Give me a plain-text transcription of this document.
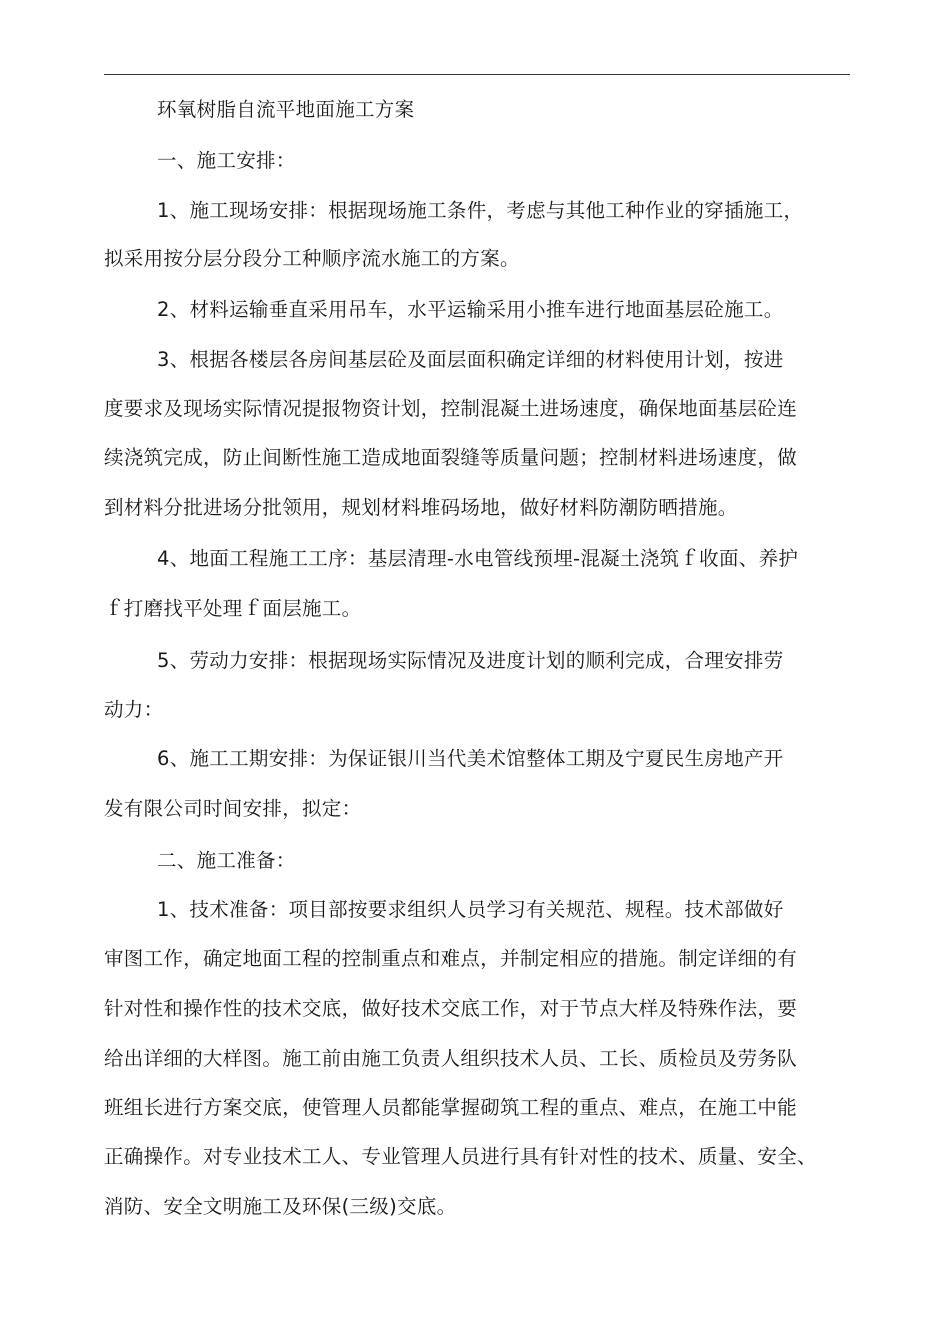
环氧树脂自流平地面施工方案
一、施工安排：
1、施工现场安排：根据现场施工条件，考虑与其他工种作业的穿插施工，
拟采用按分层分段分工种顺序流水施工的方案。
2、材料运输垂直采用吊车，水平运输采用小推车进行地面基层砼施工。
3、根据各楼层各房间基层砼及面层面积确定详细的材料使用计划，按进
度要求及现场实际情况提报物资计划，控制混凝土进场速度，确保地面基层砼连
续浇筑完成，防止间断性施工造成地面裂缝等质量问题；控制材料进场速度，做
到材料分批进场分批领用，规划材料堆码场地，做好材料防潮防晒措施。
4、地面工程施工工序：基层清理-水电管线预埋-混凝土浇筑ｆ收面、养护
ｆ打磨找平处理ｆ面层施工。
5、劳动力安排：根据现场实际情况及进度计划的顺利完成，合理安排劳
动力：
6、施工工期安排：为保证银川当代美术馆整体工期及宁夏民生房地产开
发有限公司时间安排，拟定：
二、施工准备：
1、技术准备：项目部按要求组织人员学习有关规范、规程。技术部做好
审图工作，确定地面工程的控制重点和难点，并制定相应的措施。制定详细的有
针对性和操作性的技术交底，做好技术交底工作，对于节点大样及特殊作法，要
给出详细的大样图。施工前由施工负责人组织技术人员、工长、质检员及劳务队
班组长进行方案交底，使管理人员都能掌握砌筑工程的重点、难点，在施工中能
正确操作。对专业技术工人、专业管理人员进行具有针对性的技术、质量、安全、
消防、安全文明施工及环保(三级)交底。
